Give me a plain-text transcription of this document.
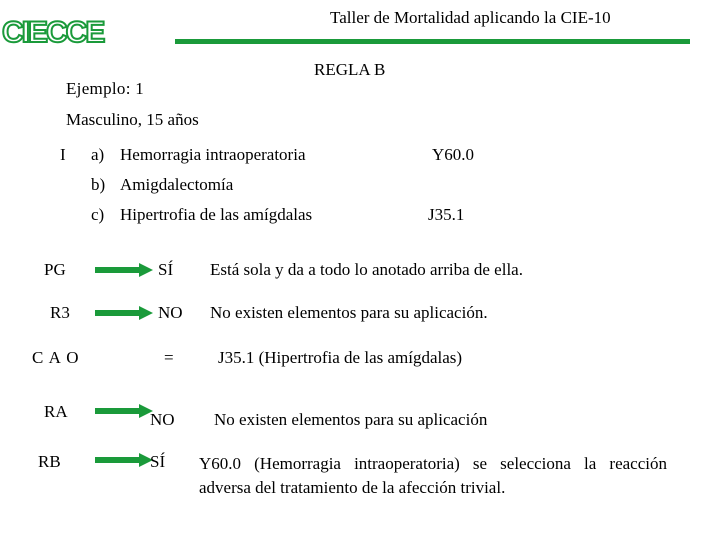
CIECCE	Taller de Mortalidad aplicando la CIE-10
REGLA B
Ejemplo: 1
Masculino, 15 años
I a) Hemorragia intraoperatoria	Y60.0
b) Amigdalectomía
c) Hipertrofia de las amígdalas	J35.1
PG	SÍ Está sola y da a todo lo anotado arriba de ella.
R3	NO No existen elementos para su aplicación.
C A O	=	J35.1 (Hipertrofia de las amígdalas)
RA	NO No existen elementos para su aplicación
RB	SÍ Y60.0 (Hemorragia intraoperatoria) se selecciona la reacción adversa del tratamiento de la afección trivial.
